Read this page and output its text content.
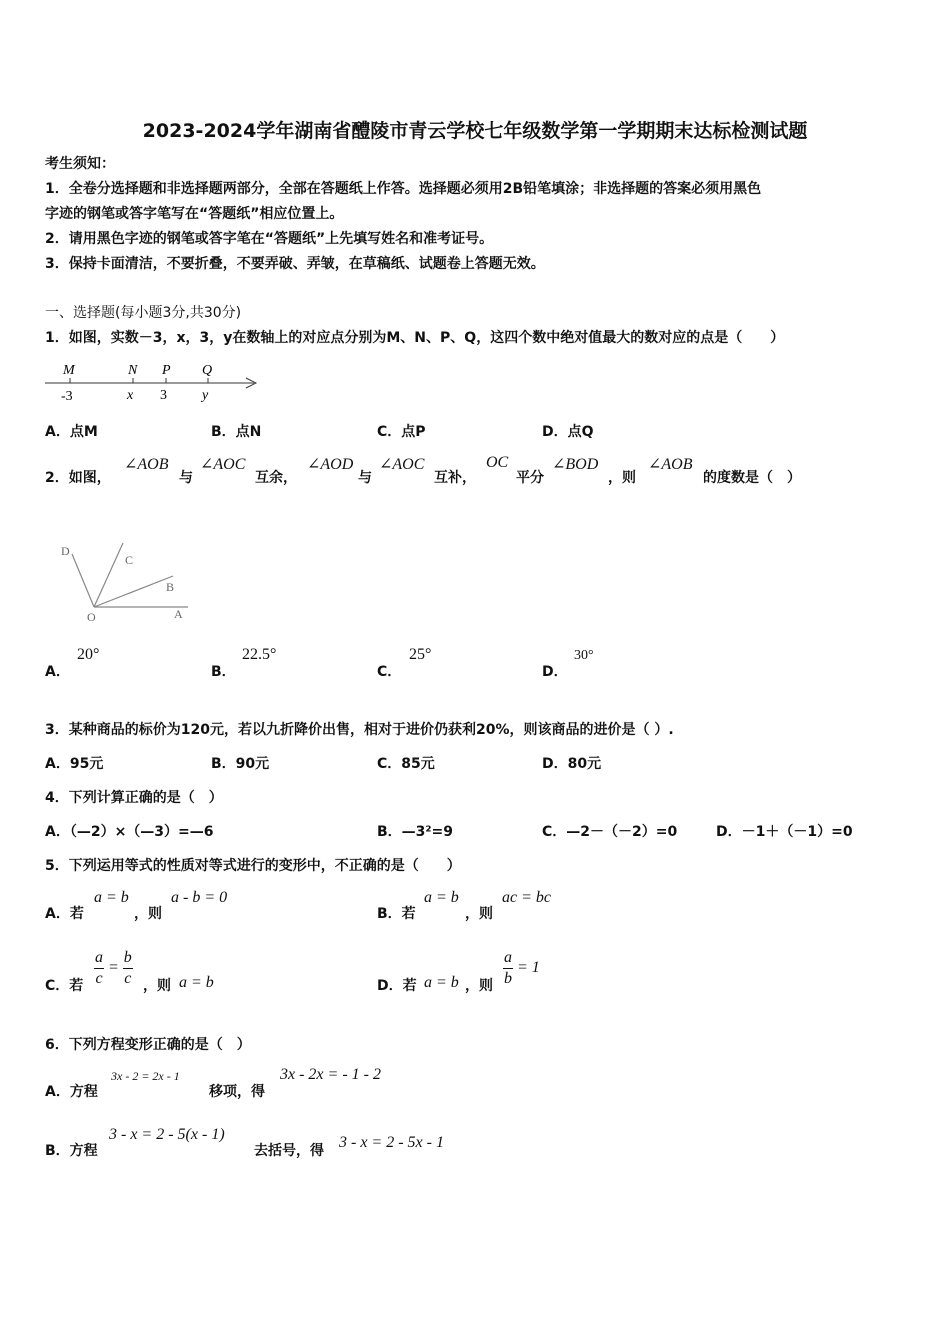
2023-2024学年湖南省醴陵市青云学校七年级数学第一学期期末达标检测试题
考生须知：
1．全卷分选择题和非选择题两部分，全部在答题纸上作答。选择题必须用2B铅笔填涂；非选择题的答案必须用黑色
字迹的钢笔或答字笔写在“答题纸”相应位置上。
2．请用黑色字迹的钢笔或答字笔在“答题纸”上先填写姓名和准考证号。
3．保持卡面清洁，不要折叠，不要弄破、弄皱，在草稿纸、试题卷上答题无效。
一、选择题(每小题3分,共30分)
1．如图，实数－3，x，3，y在数轴上的对应点分别为M、N、P、Q，这四个数中绝对值最大的数对应的点是（　　）
M	N P Q
-3	x 3	y
A．点M	B．点N	C．点P	D．点Q
2．如图，
∠AOB
与
∠AOC
互余，
∠AOD
与
∠AOC
互补，
OC
平分
∠BOD
，则
∠AOB
的度数是（　）
D
C
B
O	A
A．
20°
B．
22.5°
C．
25°
D．
30°
3．某种商品的标价为120元，若以九折降价出售，相对于进价仍获利20%，则该商品的进价是（ ）.
A．95元	B．90元	C．85元	D．80元
4．下列计算正确的是（　）
A．（—2）×（—3）=—6	B．—3²=9	C．—2－（－2）=0	D．－1＋（－1）=0
5．下列运用等式的性质对等式进行的变形中，不正确的是（　　）
A．若
a = b
，则
a - b = 0
B．若
a = b
，则
ac = bc
C．若 $\frac{a}{c} = \frac{b}{c}$ ，则 a = b	D．若 a = b ，则 $\frac{a}{b} = 1$
6．下列方程变形正确的是（　）
A．方程
3x - 2 = 2x - 1
移项，得
3x - 2x = - 1 - 2
B．方程
3 - x = 2 - 5(x - 1)
去括号，得 3 - x = 2 - 5x - 1
